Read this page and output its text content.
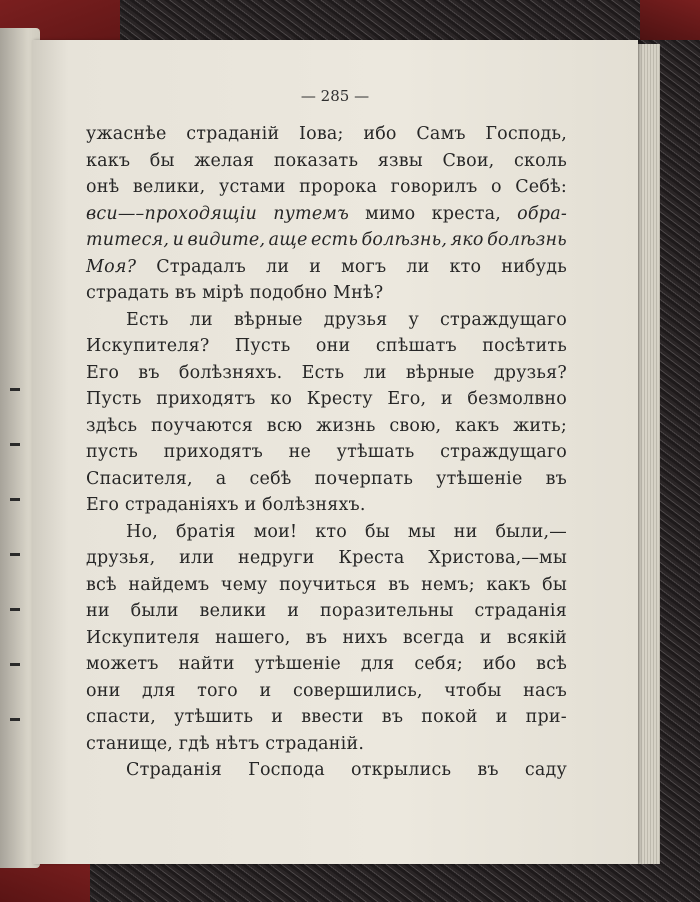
— 285 —
ужаснѣе страданій Іова; ибо Самъ Господь,
какъ бы желая показать язвы Свои, сколь
онѣ велики, устами пророка говорилъ о Себѣ:
вси—–проходящіи путемъ мимо креста, обра-
титеся, и видите, аще есть болѣзнь, яко болѣзнь
Моя? Страдалъ ли и могъ ли кто нибудь
страдать въ мірѣ подобно Мнѣ?
Есть ли вѣрные друзья у страждущаго
Искупителя? Пусть они спѣшатъ посѣтить
Его въ болѣзняхъ. Есть ли вѣрные друзья?
Пусть приходятъ ко Кресту Его, и безмолвно
здѣсь поучаются всю жизнь свою, какъ жить;
пусть приходятъ не утѣшать страждущаго
Спасителя, а себѣ почерпать утѣшеніе въ
Его страданіяхъ и болѣзняхъ.
Но, братія мои! кто бы мы ни были,—
друзья, или недруги Креста Христова,—мы
всѣ найдемъ чему поучиться въ немъ; какъ бы
ни были велики и поразительны страданія
Искупителя нашего, въ нихъ всегда и всякій
можетъ найти утѣшеніе для себя; ибо всѣ
они для того и совершились, чтобы насъ
спасти, утѣшить и ввести въ покой и при-
станище, гдѣ нѣтъ страданій.
Страданія Господа открылись въ саду
